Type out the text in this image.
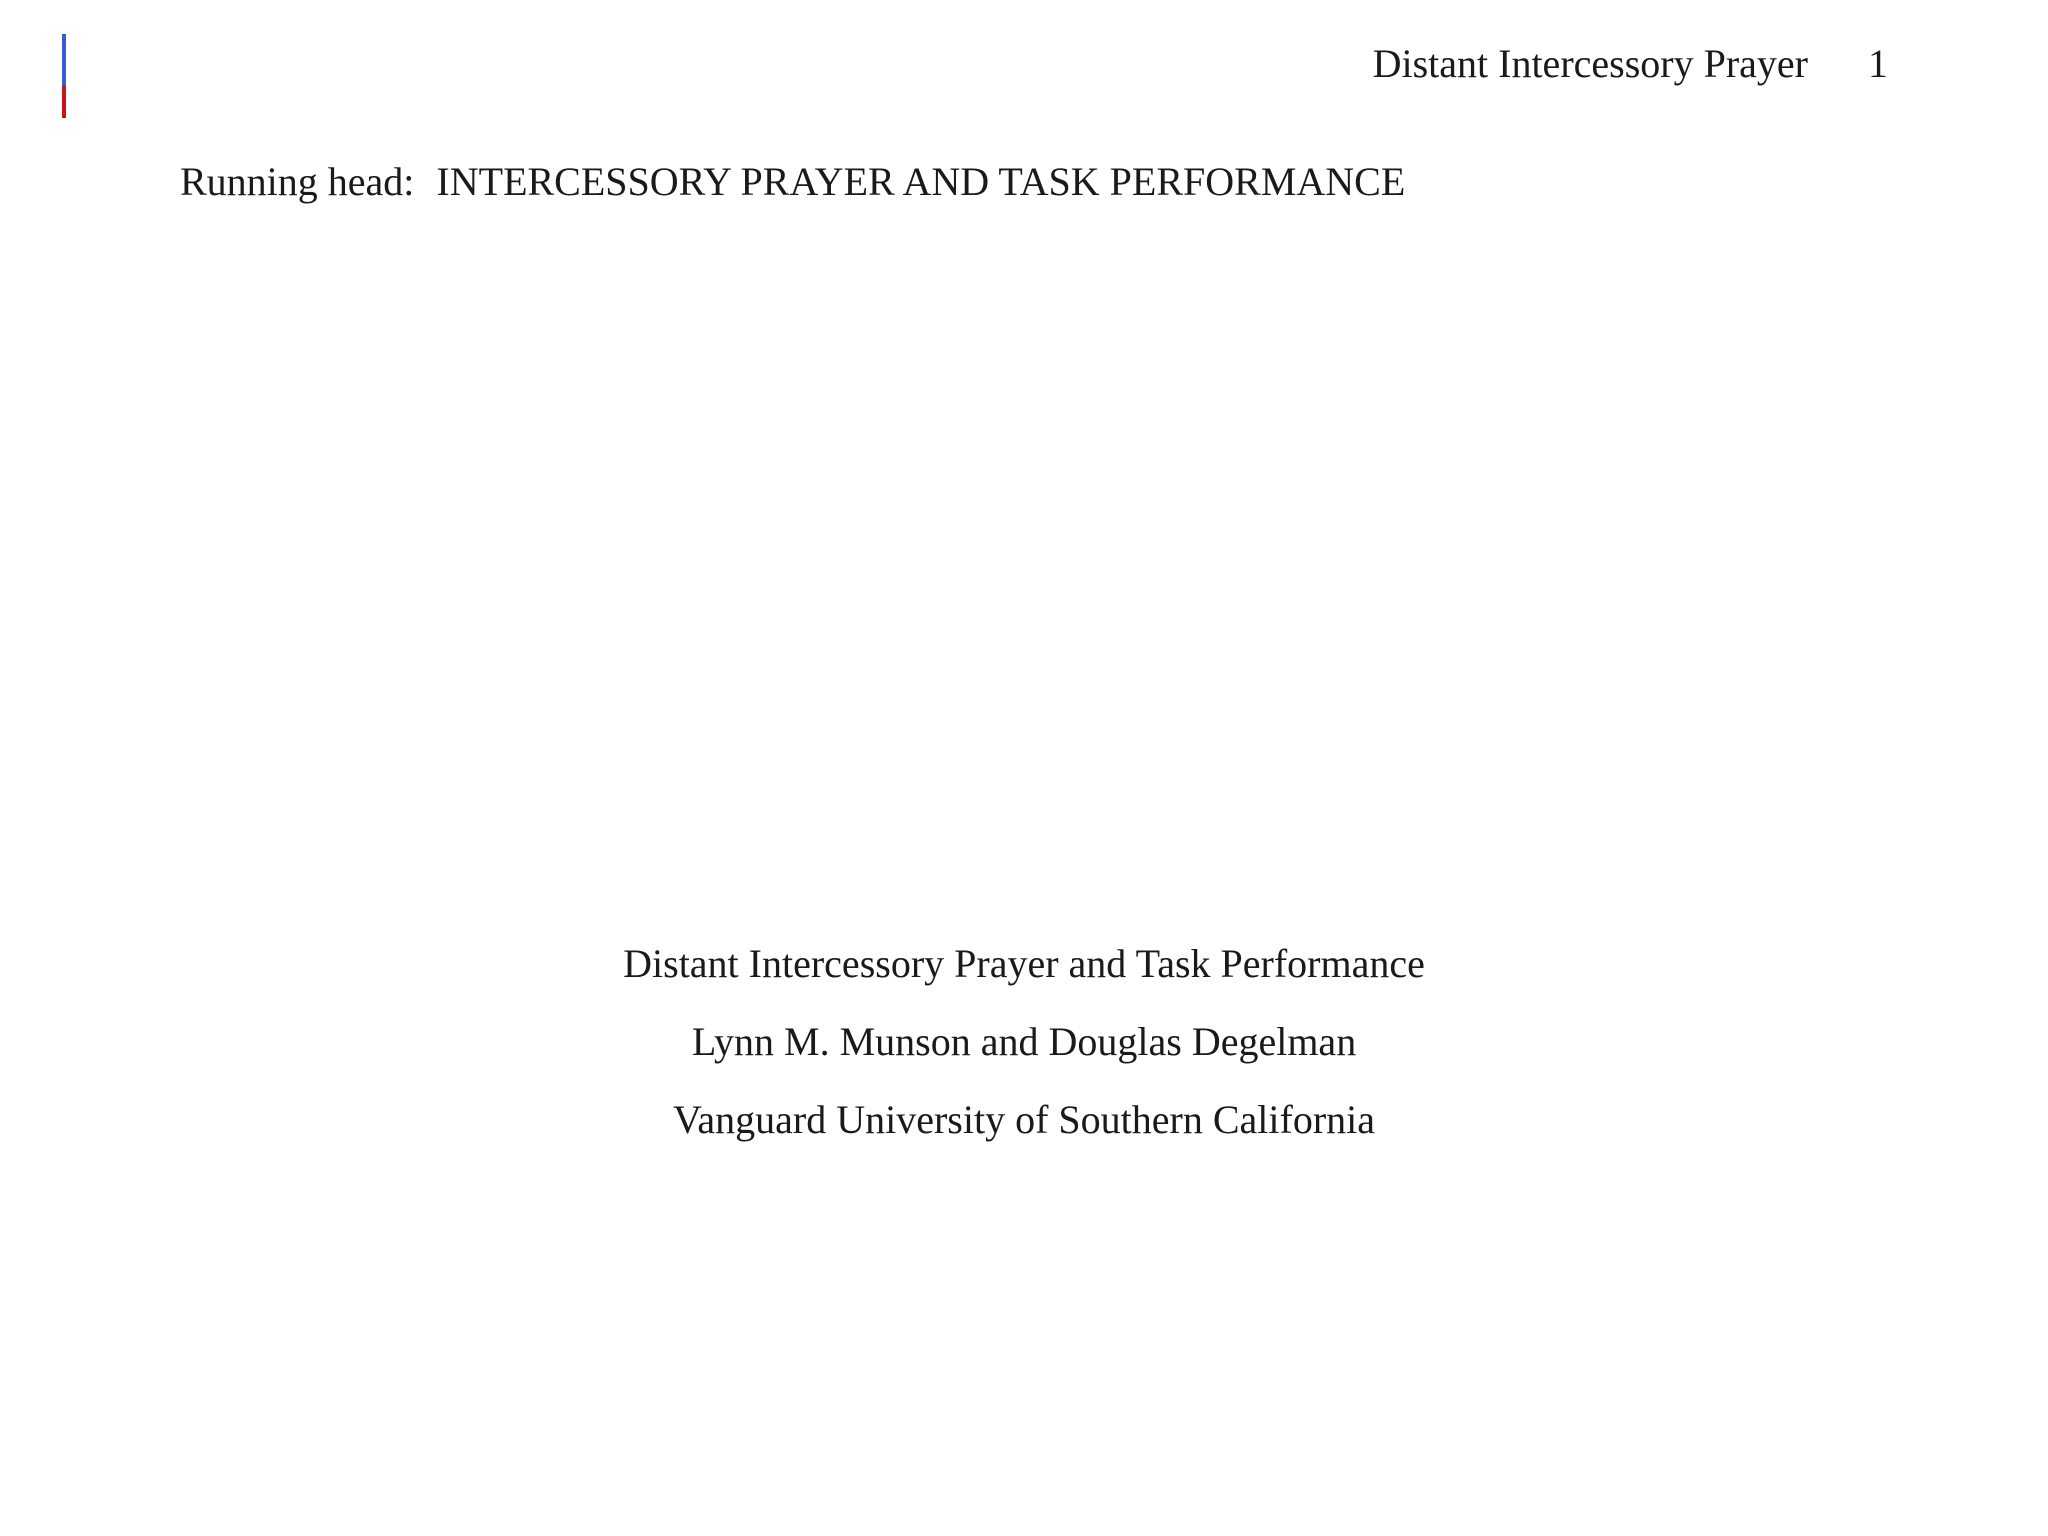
Distant Intercessory Prayer 1
Running head: INTERCESSORY PRAYER AND TASK PERFORMANCE
Distant Intercessory Prayer and Task Performance
Lynn M. Munson and Douglas Degelman
Vanguard University of Southern California
